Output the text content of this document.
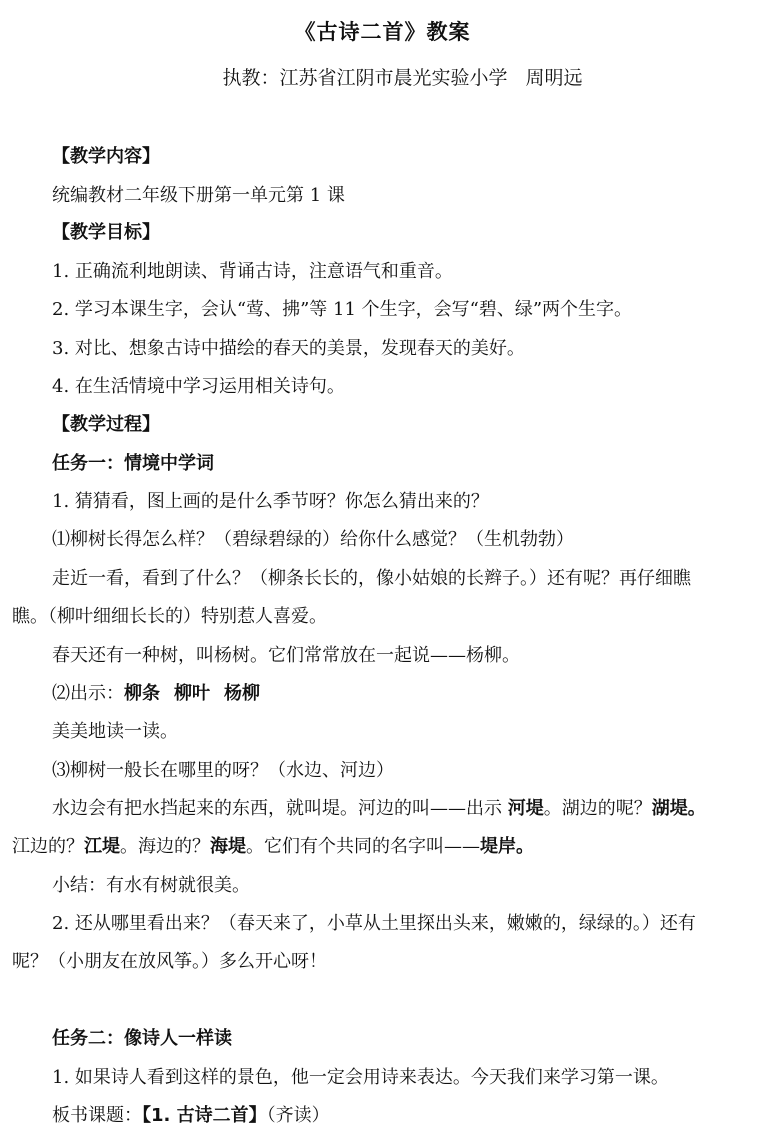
《古诗二首》教案
执教：江苏省江阴市晨光实验小学 周明远
【教学内容】
统编教材二年级下册第一单元第 1 课
【教学目标】
1. 正确流利地朗读、背诵古诗，注意语气和重音。
2. 学习本课生字，会认“莺、拂”等 11 个生字，会写“碧、绿”两个生字。
3. 对比、想象古诗中描绘的春天的美景，发现春天的美好。
4. 在生活情境中学习运用相关诗句。
【教学过程】
任务一：情境中学词
1. 猜猜看，图上画的是什么季节呀？你怎么猜出来的？
⑴柳树长得怎么样？（碧绿碧绿的）给你什么感觉？（生机勃勃）
走近一看，看到了什么？（柳条长长的，像小姑娘的长辫子。）还有呢？再仔细瞧
瞧。（柳叶细细长长的）特别惹人喜爱。
春天还有一种树，叫杨树。它们常常放在一起说——杨柳。
⑵出示：柳条 柳叶 杨柳
美美地读一读。
⑶柳树一般长在哪里的呀？（水边、河边）
水边会有把水挡起来的东西，就叫堤。河边的叫——出示 河堤。湖边的呢？湖堤。
江边的？江堤。海边的？海堤。它们有个共同的名字叫——堤岸。
小结：有水有树就很美。
2. 还从哪里看出来？（春天来了，小草从土里探出头来，嫩嫩的，绿绿的。）还有
呢？（小朋友在放风筝。）多么开心呀！
任务二：像诗人一样读
1. 如果诗人看到这样的景色，他一定会用诗来表达。今天我们来学习第一课。
板书课题：【1. 古诗二首】（齐读）
